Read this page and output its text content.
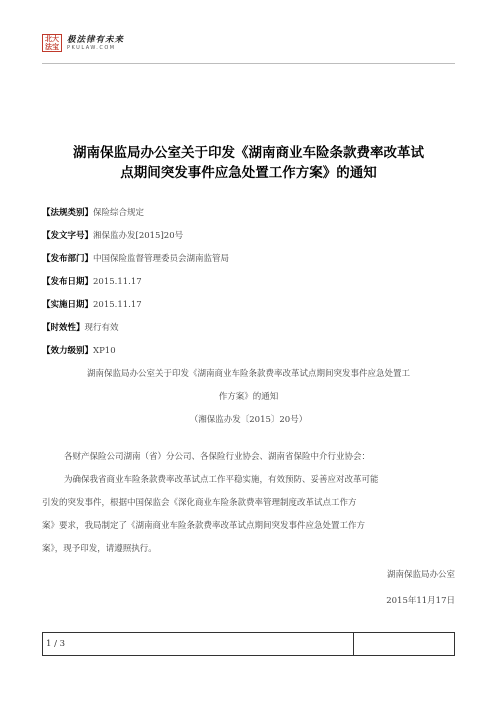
北大法宝
极法律有未来
PKULAW.COM
湖南保监局办公室关于印发《湖南商业车险条款费率改革试
点期间突发事件应急处置工作方案》的通知
【法规类别】保险综合规定
【发文字号】湘保监办发[2015]20号
【发布部门】中国保险监督管理委员会湖南监管局
【发布日期】2015.11.17
【实施日期】2015.11.17
【时效性】现行有效
【效力级别】XP10
湖南保监局办公室关于印发《湖南商业车险条款费率改革试点期间突发事件应急处置工
作方案》的通知
（湘保监办发〔2015〕20号）
各财产保险公司湖南（省）分公司、各保险行业协会、湖南省保险中介行业协会：
为确保我省商业车险条款费率改革试点工作平稳实施，有效预防、妥善应对改革可能
引发的突发事件，根据中国保监会《深化商业车险条款费率管理制度改革试点工作方
案》要求，我局制定了《湖南商业车险条款费率改革试点期间突发事件应急处置工作方
案》，现予印发，请遵照执行。
湖南保监局办公室
2015年11月17日
1 / 3
